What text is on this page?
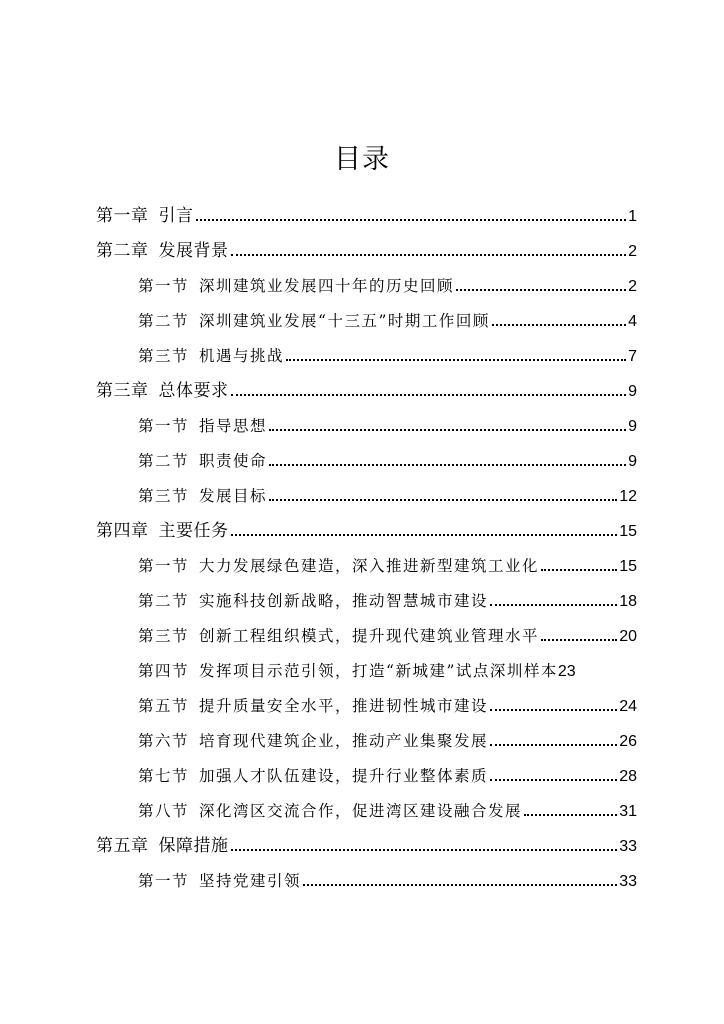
目录
第一章 引言	1
第二章 发展背景	2
第一节 深圳建筑业发展四十年的历史回顾	2
第二节 深圳建筑业发展“十三五”时期工作回顾	4
第三节 机遇与挑战	7
第三章 总体要求	9
第一节 指导思想	9
第二节 职责使命	9
第三节 发展目标	12
第四章 主要任务	15
第一节 大力发展绿色建造，深入推进新型建筑工业化	15
第二节 实施科技创新战略，推动智慧城市建设	18
第三节 创新工程组织模式，提升现代建筑业管理水平	20
第四节 发挥项目示范引领，打造“新城建”试点深圳样本 23
第五节 提升质量安全水平，推进韧性城市建设	24
第六节 培育现代建筑企业，推动产业集聚发展	26
第七节 加强人才队伍建设，提升行业整体素质	28
第八节 深化湾区交流合作，促进湾区建设融合发展	31
第五章 保障措施	33
第一节 坚持党建引领	33
